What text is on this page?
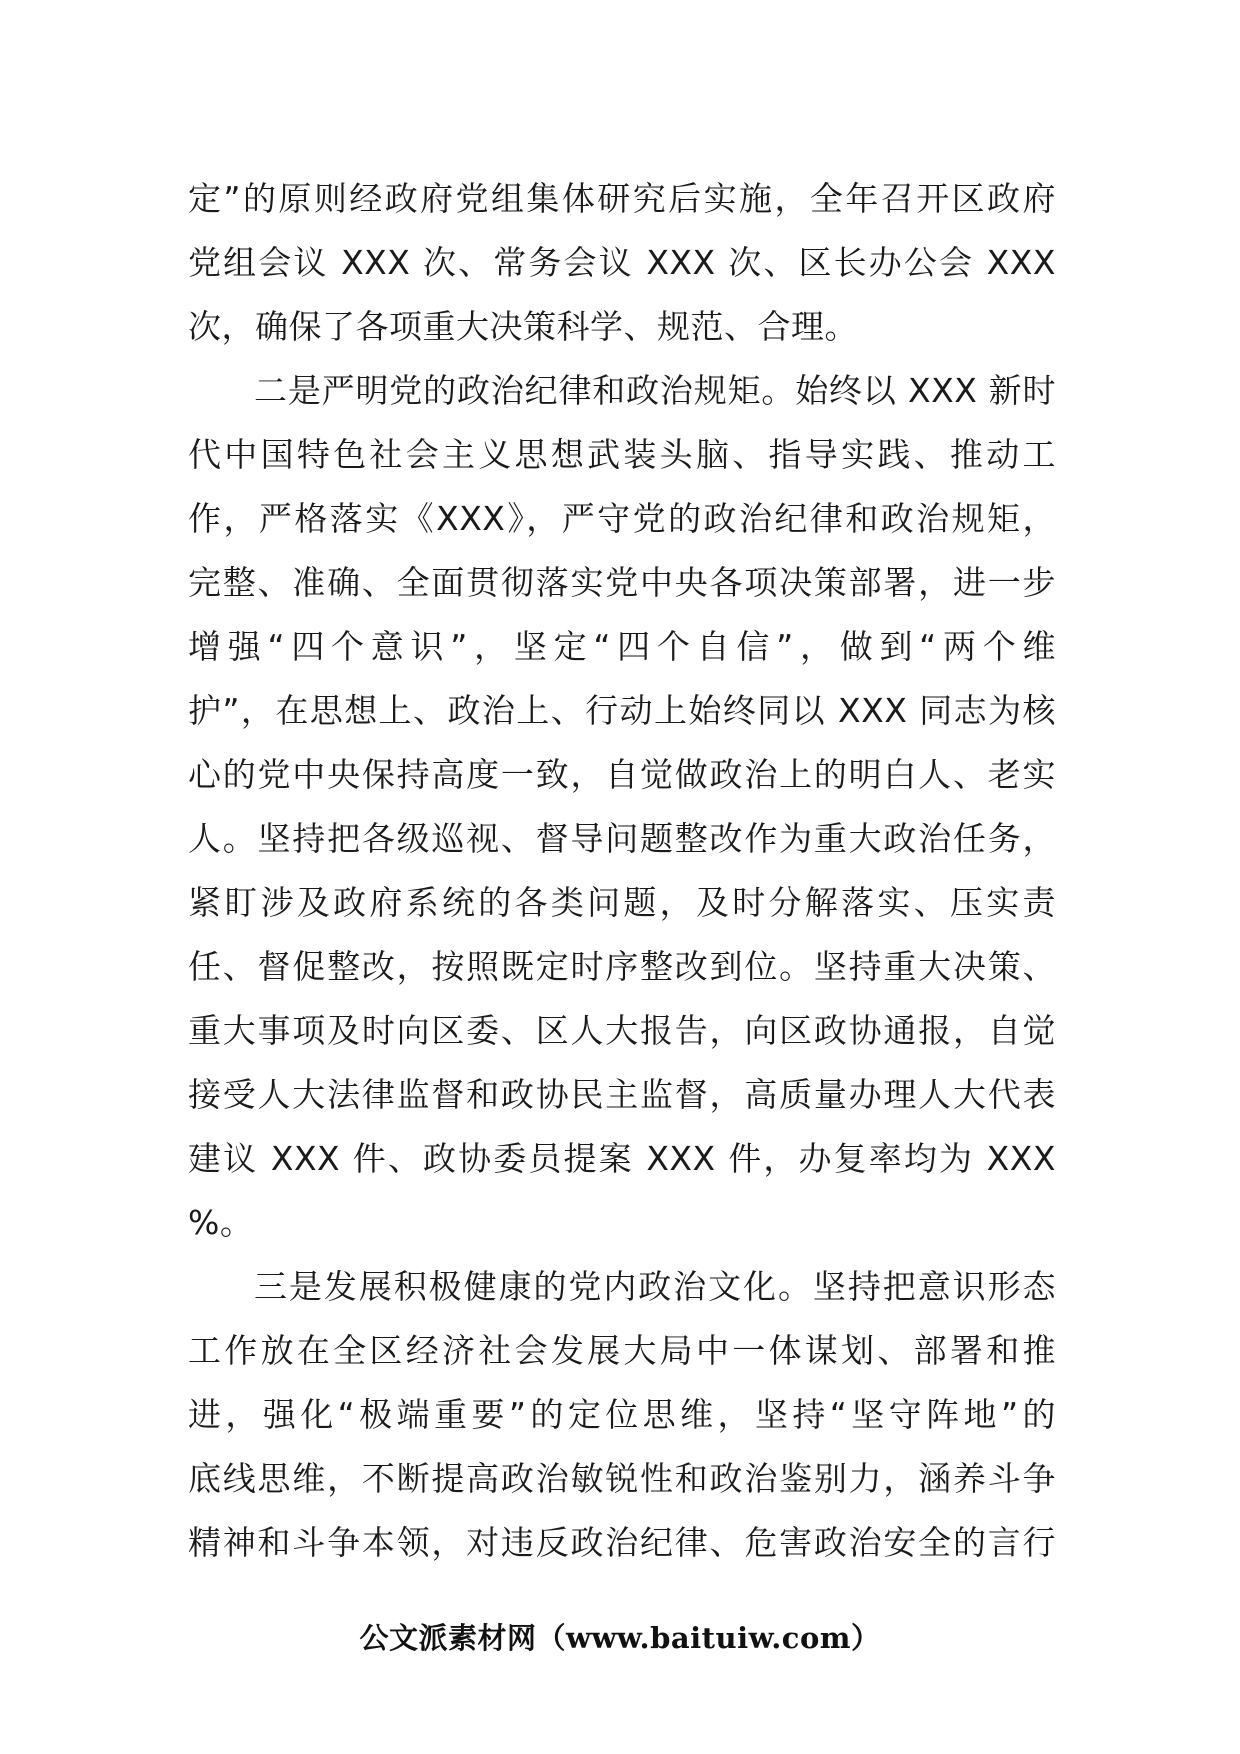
定”的原则经政府党组集体研究后实施，全年召开区政府
党组会议 XXX 次、常务会议 XXX 次、区长办公会 XXX
次，确保了各项重大决策科学、规范、合理。
二是严明党的政治纪律和政治规矩。始终以 XXX 新时
代中国特色社会主义思想武装头脑、指导实践、推动工
作，严格落实《XXX》，严守党的政治纪律和政治规矩，
完整、准确、全面贯彻落实党中央各项决策部署，进一步
增强“四个意识”，坚定“四个自信”，做到“两个维
护”，在思想上、政治上、行动上始终同以 XXX 同志为核
心的党中央保持高度一致，自觉做政治上的明白人、老实
人。坚持把各级巡视、督导问题整改作为重大政治任务，
紧盯涉及政府系统的各类问题，及时分解落实、压实责
任、督促整改，按照既定时序整改到位。坚持重大决策、
重大事项及时向区委、区人大报告，向区政协通报，自觉
接受人大法律监督和政协民主监督，高质量办理人大代表
建议 XXX 件、政协委员提案 XXX 件，办复率均为 XXX
%。
三是发展积极健康的党内政治文化。坚持把意识形态
工作放在全区经济社会发展大局中一体谋划、部署和推
进，强化“极端重要”的定位思维，坚持“坚守阵地”的
底线思维，不断提高政治敏锐性和政治鉴别力，涵养斗争
精神和斗争本领，对违反政治纪律、危害政治安全的言行
公文派素材网（www.baituiw.com）
